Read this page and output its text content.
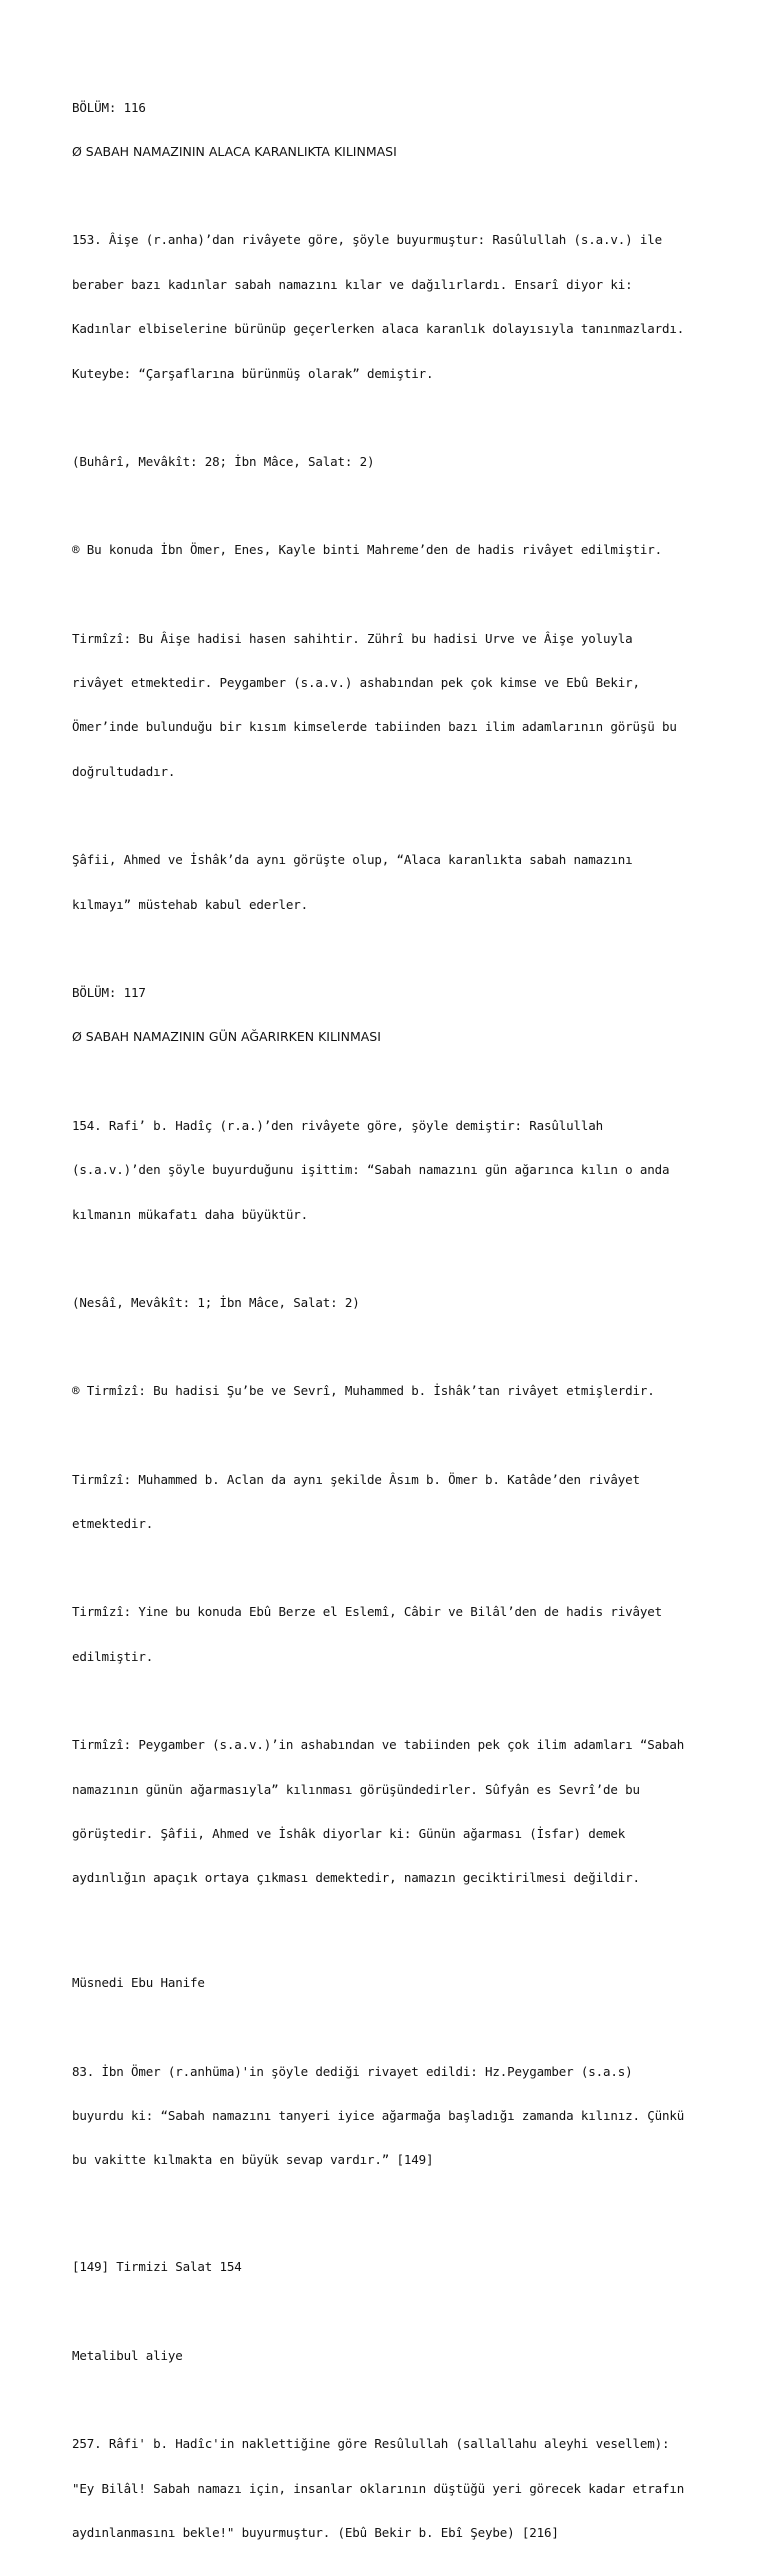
BÖLÜM: 116

Ø SABAH NAMAZININ ALACA KARANLIKTA KILINMASI

153. Âişe (r.anha)’dan rivâyete göre, şöyle buyurmuştur: Rasûlullah (s.a.v.) ile

beraber bazı kadınlar sabah namazını kılar ve dağılırlardı. Ensarî diyor ki:

Kadınlar elbiselerine bürünüp geçerlerken alaca karanlık dolayısıyla tanınmazlardı.

Kuteybe: “Çarşaflarına bürünmüş olarak” demiştir.

(Buhârî, Mevâkît: 28; İbn Mâce, Salat: 2)

® Bu konuda İbn Ömer, Enes, Kayle binti Mahreme’den de hadis rivâyet edilmiştir.

Tirmîzî: Bu Âişe hadisi hasen sahihtir. Zührî bu hadisi Urve ve Âişe yoluyla

rivâyet etmektedir. Peygamber (s.a.v.) ashabından pek çok kimse ve Ebû Bekir,

Ömer’inde bulunduğu bir kısım kimselerde tabiinden bazı ilim adamlarının görüşü bu

doğrultudadır.

Şâfii, Ahmed ve İshâk’da aynı görüşte olup, “Alaca karanlıkta sabah namazını

kılmayı” müstehab kabul ederler.

BÖLÜM: 117

Ø SABAH NAMAZININ GÜN AĞARIRKEN KILINMASI

154. Rafi’ b. Hadîç (r.a.)’den rivâyete göre, şöyle demiştir: Rasûlullah

(s.a.v.)’den şöyle buyurduğunu işittim: “Sabah namazını gün ağarınca kılın o anda

kılmanın mükafatı daha büyüktür.

(Nesâî, Mevâkît: 1; İbn Mâce, Salat: 2)

® Tirmîzî: Bu hadisi Şu’be ve Sevrî, Muhammed b. İshâk’tan rivâyet etmişlerdir.

Tirmîzî: Muhammed b. Aclan da aynı şekilde Âsım b. Ömer b. Katâde’den rivâyet

etmektedir.

Tirmîzî: Yine bu konuda Ebû Berze el Eslemî, Câbir ve Bilâl’den de hadis rivâyet

edilmiştir.

Tirmîzî: Peygamber (s.a.v.)’in ashabından ve tabiinden pek çok ilim adamları “Sabah

namazının günün ağarmasıyla” kılınması görüşündedirler. Sûfyân es Sevrî’de bu

görüştedir. Şâfii, Ahmed ve İshâk diyorlar ki: Günün ağarması (İsfar) demek

aydınlığın apaçık ortaya çıkması demektedir, namazın geciktirilmesi değildir.

Müsnedi Ebu Hanife

83. İbn Ömer (r.anhüma)'in şöyle dediği rivayet edildi: Hz.Peygamber (s.a.s)

buyurdu ki: “Sabah namazını tanyeri iyice ağarmağa başladığı zamanda kılınız. Çünkü

bu vakitte kılmakta en büyük sevap vardır.” [149]

[149] Tirmizi Salat 154

Metalibul aliye

257. Râfi' b. Hadîc'in naklettiğine göre Resûlullah (sallallahu aleyhi vesellem):

"Ey Bilâl! Sabah namazı için, insanlar oklarının düştüğü yeri görecek kadar etrafın

aydınlanmasını bekle!" buyurmuştur. (Ebû Bekir b. Ebî Şeybe) [216]
